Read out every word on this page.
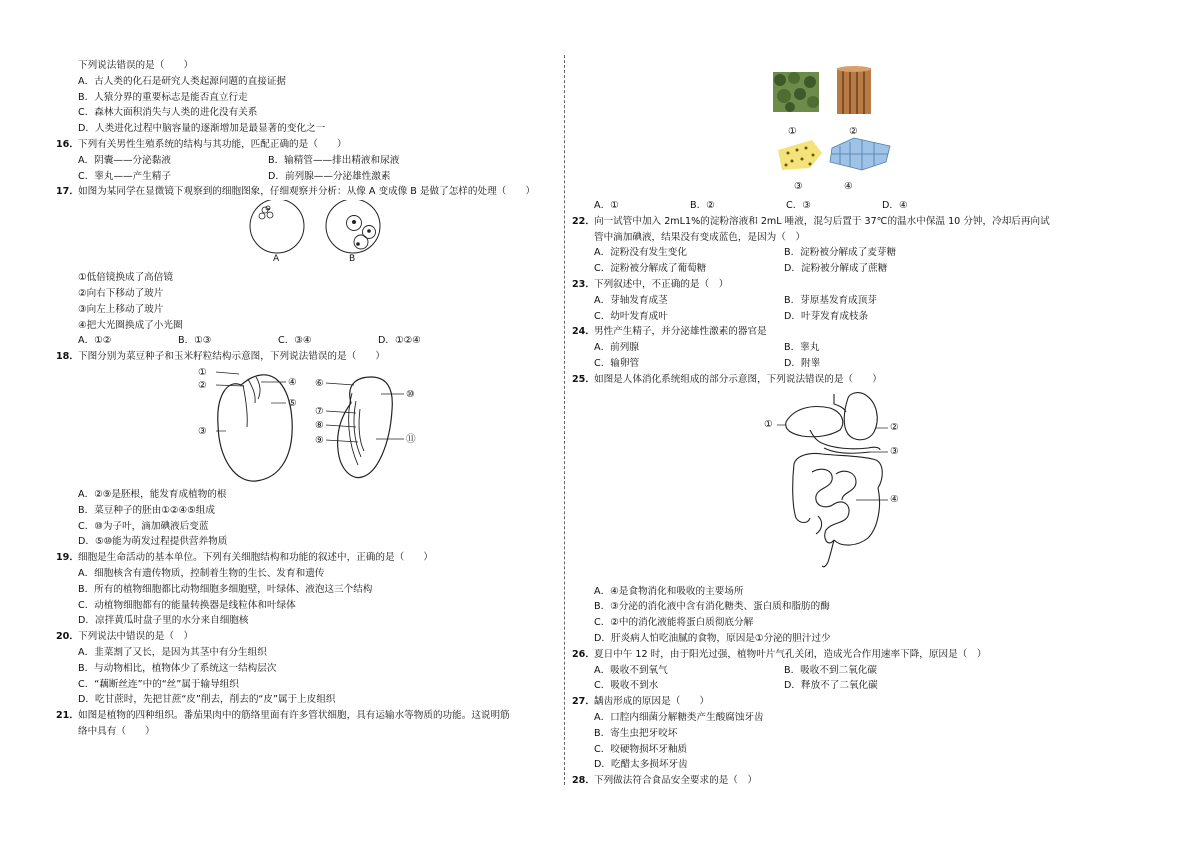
下列说法错误的是（　　）
A．古人类的化石是研究人类起源问题的直接证据
B．人猿分界的重要标志是能否直立行走
C．森林大面积消失与人类的进化没有关系
D．人类进化过程中脑容量的逐渐增加是最显著的变化之一
16．下列有关男性生殖系统的结构与其功能，匹配正确的是（　　）
A．阴囊——分泌黏液	B．输精管——排出精液和尿液
C．睾丸——产生精子	D．前列腺——分泌雄性激素
17．如图为某同学在显微镜下观察到的细胞图象，仔细观察并分析：从像 A 变成像 B 是做了怎样的处理（　　）
A	B
①低倍镜换成了高倍镜
②向右下移动了玻片
③向左上移动了玻片
④把大光圈换成了小光圈
A．①②	B．①③	C．③④	D．①②④
18．下图分别为菜豆种子和玉米籽粒结构示意图，下列说法错误的是（　　）
①
②
③
④
⑤
⑥
⑦
⑧
⑨
⑩
⑪
A．②⑨是胚根，能发育成植物的根
B．菜豆种子的胚由①②④⑤组成
C．⑩为子叶，滴加碘液后变蓝
D．⑤⑩能为萌发过程提供营养物质
19．细胞是生命活动的基本单位。下列有关细胞结构和功能的叙述中，正确的是（　　）
A．细胞核含有遗传物质，控制着生物的生长、发育和遗传
B．所有的植物细胞都比动物细胞多细胞壁，叶绿体、液泡这三个结构
C．动植物细胞都有的能量转换器是线粒体和叶绿体
D．凉拌黄瓜时盘子里的水分来自细胞核
20．下列说法中错误的是（　）
A．韭菜割了又长，是因为其茎中有分生组织
B．与动物相比，植物体少了系统这一结构层次
C．“藕断丝连”中的“丝”属于输导组织
D．吃甘蔗时，先把甘蔗“皮”削去，削去的“皮”属于上皮组织
21．如图是植物的四种组织。番茄果肉中的筋络里面有许多管状细胞，具有运输水等物质的功能。这说明筋
络中具有（　　）
①	②
③	④
A．①	B．②	C．③	D．④
22．向一试管中加入 2mL1%的淀粉溶液和 2mL 唾液，混匀后置于 37℃的温水中保温 10 分钟，冷却后再向试
管中滴加碘液，结果没有变成蓝色，是因为（　）
A．淀粉没有发生变化	B．淀粉被分解成了麦芽糖
C．淀粉被分解成了葡萄糖	D．淀粉被分解成了蔗糖
23．下列叙述中，不正确的是（　）
A．芽轴发育成茎	B．芽原基发育成顶芽
C．幼叶发育成叶	D．叶芽发育成枝条
24．男性产生精子，并分泌雄性激素的器官是
A．前列腺	B．睾丸
C．输卵管	D．附睾
25．如图是人体消化系统组成的部分示意图，下列说法错误的是（　　）
①	②
③
④
A．④是食物消化和吸收的主要场所
B．③分泌的消化液中含有消化糖类、蛋白质和脂肪的酶
C．②中的消化液能将蛋白质彻底分解
D．肝炎病人怕吃油腻的食物，原因是①分泌的胆汁过少
26．夏日中午 12 时，由于阳光过强，植物叶片气孔关闭，造成光合作用速率下降，原因是（　）
A．吸收不到氧气	B．吸收不到二氧化碳
C．吸收不到水	D．释放不了二氧化碳
27．龋齿形成的原因是（　　）
A．口腔内细菌分解糖类产生酸腐蚀牙齿
B．寄生虫把牙咬坏
C．咬硬物损坏牙釉质
D．吃醋太多损坏牙齿
28．下列做法符合食品安全要求的是（　）
